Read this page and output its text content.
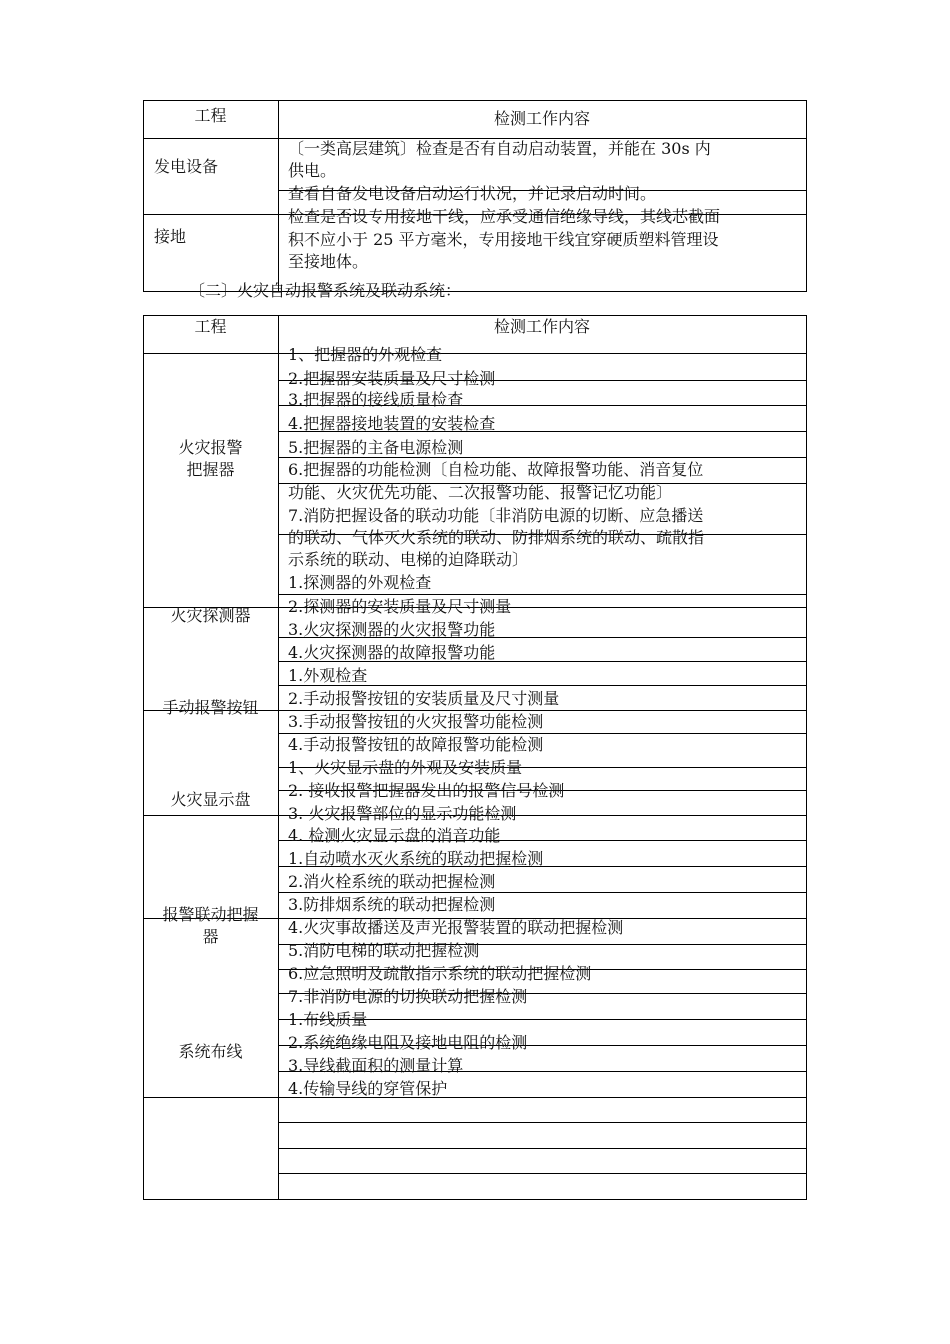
工程	检测工作内容
发电设备
〔一类高层建筑〕检查是否有自动启动装置，并能在 30s 内
供电。
查看自备发电设备启动运行状况，并记录启动时间。
接地
检查是否设专用接地干线，应承受通信绝缘导线，其线芯截面
积不应小于 25 平方毫米，专用接地干线宜穿硬质塑料管理设
至接地体。
〔二〕火灾自动报警系统及联动系统：
工程	检测工作内容
火灾报警
把握器
火灾探测器
手动报警按钮
火灾显示盘
报警联动把握
器
系统布线
1、把握器的外观检查
2.把握器安装质量及尺寸检测
3.把握器的接线质量检查
4.把握器接地装置的安装检查
5.把握器的主备电源检测
6.把握器的功能检测〔自检功能、故障报警功能、消音复位
功能、火灾优先功能、二次报警功能、报警记忆功能〕
7.消防把握设备的联动功能〔非消防电源的切断、应急播送
的联动、气体灭火系统的联动、防排烟系统的联动、疏散指
示系统的联动、电梯的迫降联动〕
1.探测器的外观检查
2.探测器的安装质量及尺寸测量
3.火灾探测器的火灾报警功能
4.火灾探测器的故障报警功能
1.外观检查
2.手动报警按钮的安装质量及尺寸测量
3.手动报警按钮的火灾报警功能检测
4.手动报警按钮的故障报警功能检测
1、火灾显示盘的外观及安装质量
2. 接收报警把握器发出的报警信号检测
3. 火灾报警部位的显示功能检测
4. 检测火灾显示盘的消音功能
1.自动喷水灭火系统的联动把握检测
2.消火栓系统的联动把握检测
3.防排烟系统的联动把握检测
4.火灾事故播送及声光报警装置的联动把握检测
5.消防电梯的联动把握检测
6.应急照明及疏散指示系统的联动把握检测
7.非消防电源的切换联动把握检测
1.布线质量
2.系统绝缘电阻及接地电阻的检测
3.导线截面积的测量计算
4.传输导线的穿管保护
